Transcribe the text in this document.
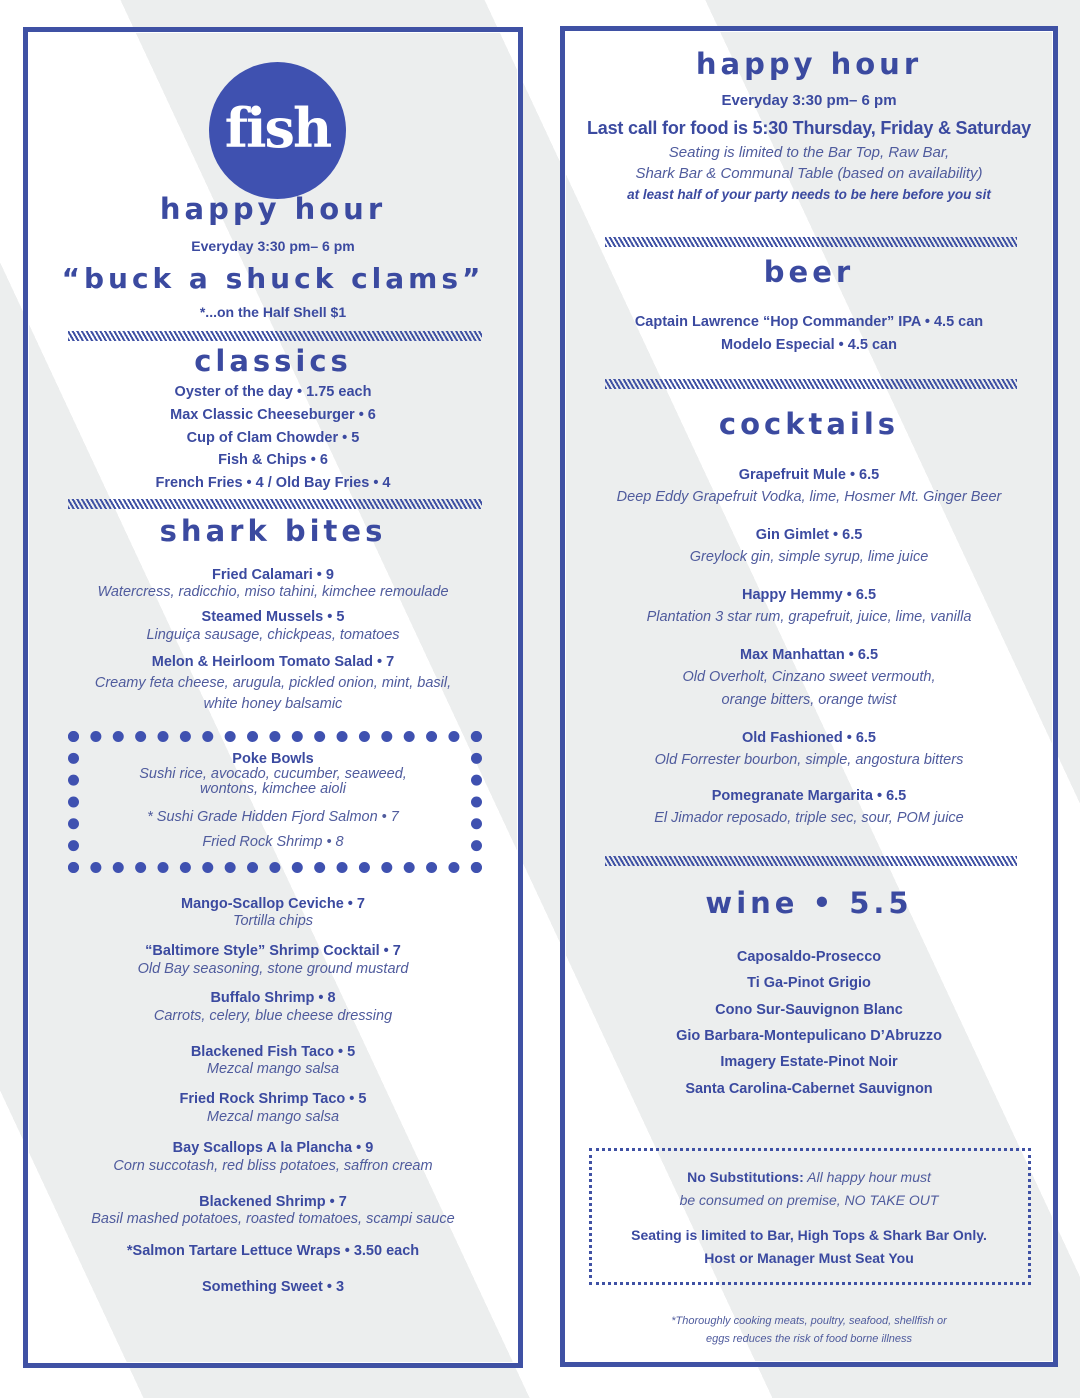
fish
happy hour
Everyday 3:30 pm– 6 pm
“buck a shuck clams”
*...on the Half Shell $1
classics
Oyster of the day • 1.75 each
Max Classic Cheeseburger • 6
Cup of Clam Chowder • 5
Fish & Chips • 6
French Fries • 4 / Old Bay Fries • 4
shark bites
Fried Calamari • 9
Watercress, radicchio, miso tahini, kimchee remoulade
Steamed Mussels • 5
Linguiça sausage, chickpeas, tomatoes
Melon & Heirloom Tomato Salad • 7
Creamy feta cheese, arugula, pickled onion, mint, basil,
white honey balsamic
Poke Bowls
Sushi rice, avocado, cucumber, seaweed,
wontons, kimchee aioli
* Sushi Grade Hidden Fjord Salmon • 7
Fried Rock Shrimp • 8
Mango-Scallop Ceviche • 7
Tortilla chips
“Baltimore Style” Shrimp Cocktail • 7
Old Bay seasoning, stone ground mustard
Buffalo Shrimp • 8
Carrots, celery, blue cheese dressing
Blackened Fish Taco • 5
Mezcal mango salsa
Fried Rock Shrimp Taco • 5
Mezcal mango salsa
Bay Scallops A la Plancha • 9
Corn succotash, red bliss potatoes, saffron cream
Blackened Shrimp • 7
Basil mashed potatoes, roasted tomatoes, scampi sauce
*Salmon Tartare Lettuce Wraps • 3.50 each
Something Sweet • 3
happy hour
Everyday 3:30 pm– 6 pm
Last call for food is 5:30 Thursday, Friday & Saturday
Seating is limited to the Bar Top, Raw Bar,
Shark Bar & Communal Table (based on availability)
at least half of your party needs to be here before you sit
beer
Captain Lawrence “Hop Commander” IPA • 4.5 can
Modelo Especial • 4.5 can
cocktails
Grapefruit Mule • 6.5
Deep Eddy Grapefruit Vodka, lime, Hosmer Mt. Ginger Beer
Gin Gimlet • 6.5
Greylock gin, simple syrup, lime juice
Happy Hemmy • 6.5
Plantation 3 star rum, grapefruit, juice, lime, vanilla
Max Manhattan • 6.5
Old Overholt, Cinzano sweet vermouth,
orange bitters, orange twist
Old Fashioned • 6.5
Old Forrester bourbon, simple, angostura bitters
Pomegranate Margarita • 6.5
El Jimador reposado, triple sec, sour, POM juice
wine • 5.5
Caposaldo-Prosecco
Ti Ga-Pinot Grigio
Cono Sur-Sauvignon Blanc
Gio Barbara-Montepulicano D’Abruzzo
Imagery Estate-Pinot Noir
Santa Carolina-Cabernet Sauvignon
No Substitutions: All happy hour must
be consumed on premise, NO TAKE OUT
Seating is limited to Bar, High Tops & Shark Bar Only.
Host or Manager Must Seat You
*Thoroughly cooking meats, poultry, seafood, shellfish or
eggs reduces the risk of food borne illness
